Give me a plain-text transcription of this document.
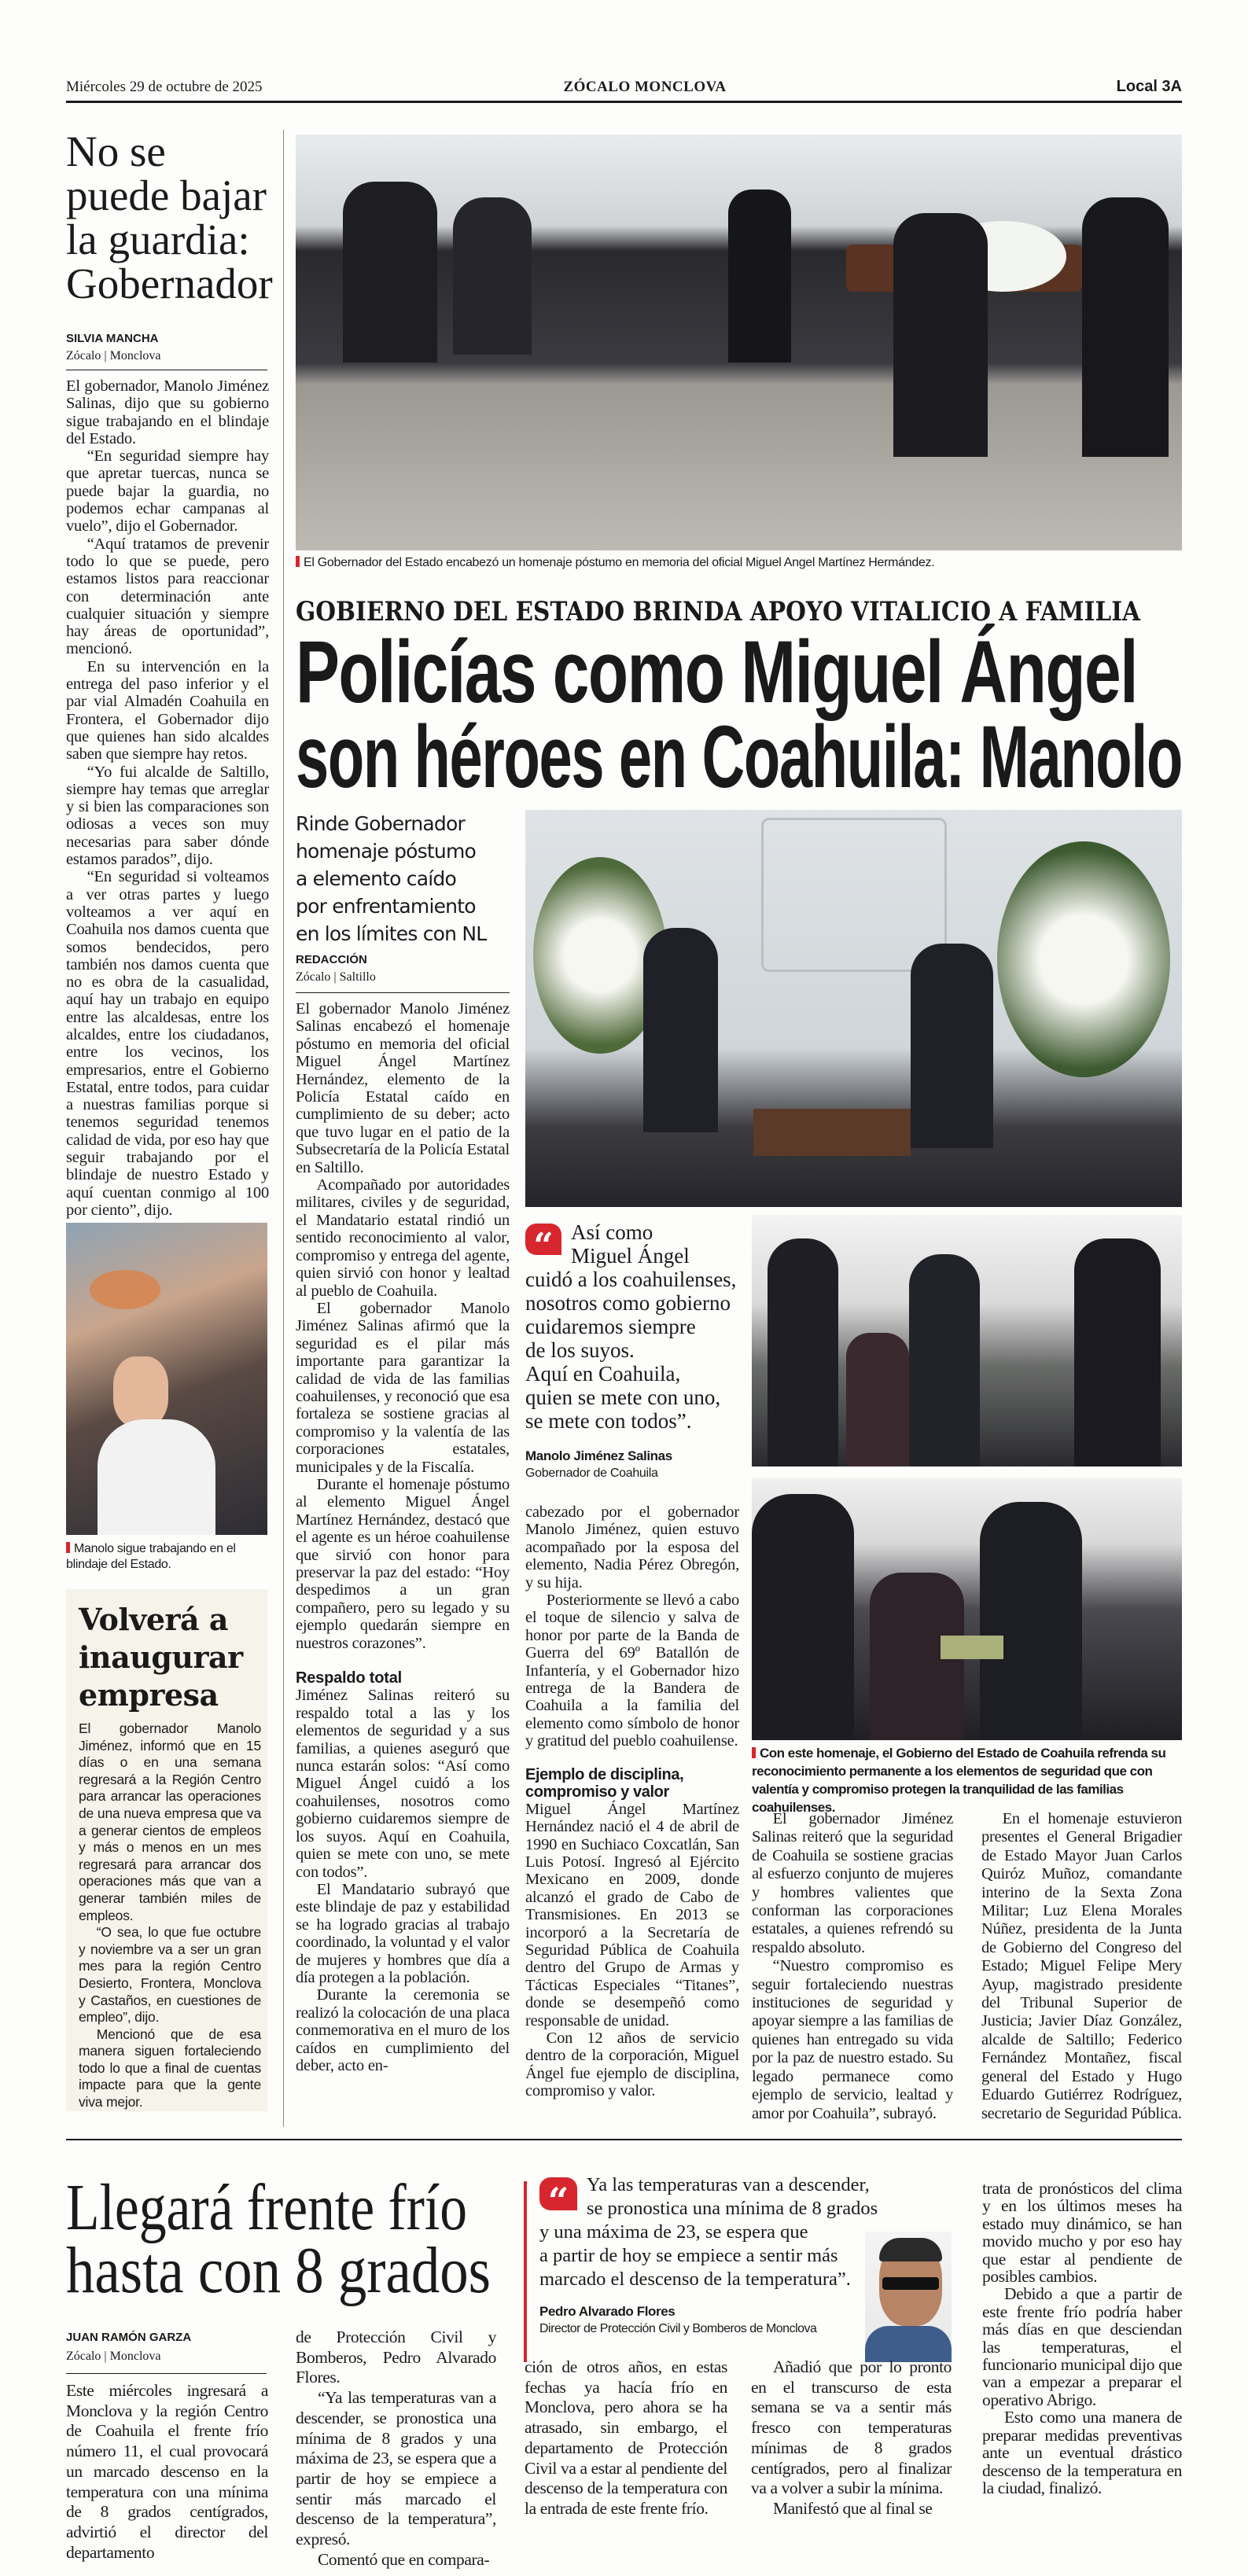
Miércoles 29 de octubre de 2025	ZÓCALO MONCLOVA	Local 3A
No se
puede bajar
la guardia:
Gobernador
SILVIA MANCHA
Zócalo | Monclova

El gobernador, Manolo Jiménez Salinas, dijo que su gobierno sigue trabajando en el blindaje del Estado.

“En seguridad siempre hay que apretar tuercas, nunca se puede bajar la guardia, no podemos echar campanas al vuelo”, dijo el Gobernador.

“Aquí tratamos de prevenir todo lo que se puede, pero estamos listos para reaccionar con determinación ante cualquier situación y siempre hay áreas de oportunidad”, mencionó.

En su intervención en la entrega del paso inferior y el par vial Almadén Coahuila en Frontera, el Gobernador dijo que quienes han sido alcaldes saben que siempre hay retos.

“Yo fui alcalde de Saltillo, siempre hay temas que arreglar y si bien las comparaciones son odiosas a veces son muy necesarias para saber dónde estamos parados”, dijo.

“En seguridad si volteamos a ver otras partes y luego volteamos a ver aquí en Coahuila nos damos cuenta que somos bendecidos, pero también nos damos cuenta que no es obra de la casualidad, aquí hay un trabajo en equipo entre las alcaldesas, entre los alcaldes, entre los ciudadanos, entre los vecinos, los empresarios, entre el Gobierno Estatal, entre todos, para cuidar a nuestras familias porque si tenemos seguridad tenemos calidad de vida, por eso hay que seguir trabajando por el blindaje de nuestro Estado y aquí cuentan conmigo al 100 por ciento”, dijo.

Manolo sigue trabajando en el blindaje del Estado.
Volverá a
inaugurar
empresa

El gobernador Manolo Jiménez, informó que en 15 días o en una semana regresará a la Región Centro para arrancar las operaciones de una nueva empresa que va a generar cientos de empleos y más o menos en un mes regresará para arrancar dos operaciones más que van a generar también miles de empleos.

“O sea, lo que fue octubre y noviembre va a ser un gran mes para la región Centro Desierto, Frontera, Monclova y Castaños, en cuestiones de empleo”, dijo.

Mencionó que de esa manera siguen fortaleciendo todo lo que a final de cuentas impacte para que la gente viva mejor.

El Gobernador del Estado encabezó un homenaje póstumo en memoria del oficial Miguel Angel Martínez Hermández.
GOBIERNO DEL ESTADO BRINDA APOYO VITALICIO A FAMILIA
Policías como Miguel Ángel
son héroes en Coahuila: Manolo
Rinde Gobernador
homenaje póstumo
a elemento caído
por enfrentamiento
en los límites con NL
REDACCIÓN
Zócalo | Saltillo

El gobernador Manolo Jiménez Salinas encabezó el homenaje póstumo en memoria del oficial Miguel Ángel Martínez Hernández, elemento de la Policía Estatal caído en cumplimiento de su deber; acto que tuvo lugar en el patio de la Subsecretaría de la Policía Estatal en Saltillo.

Acompañado por autoridades militares, civiles y de seguridad, el Mandatario estatal rindió un sentido reconocimiento al valor, compromiso y entrega del agente, quien sirvió con honor y lealtad al pueblo de Coahuila.

El gobernador Manolo Jiménez Salinas afirmó que la seguridad es el pilar más importante para garantizar la calidad de vida de las familias coahuilenses, y reconoció que esa fortaleza se sostiene gracias al compromiso y la valentía de las corporaciones estatales, municipales y de la Fiscalía.

Durante el homenaje póstumo al elemento Miguel Ángel Martínez Hernández, destacó que el agente es un héroe coahuilense que sirvió con honor para preservar la paz del estado: “Hoy despedimos a un gran compañero, pero su legado y su ejemplo quedarán siempre en nuestros corazones”.

Respaldo total

Jiménez Salinas reiteró su respaldo total a las y los elementos de seguridad y a sus familias, a quienes aseguró que nunca estarán solos: “Así como Miguel Ángel cuidó a los coahuilenses, nosotros como gobierno cuidaremos siempre de los suyos. Aquí en Coahuila, quien se mete con uno, se mete con todos”.

El Mandatario subrayó que este blindaje de paz y estabilidad se ha logrado gracias al trabajo coordinado, la voluntad y el valor de mujeres y hombres que día a día protegen a la población.

Durante la ceremonia se realizó la colocación de una placa conmemorativa en el muro de los caídos en cumplimiento del deber, acto en-

“ Así como
Miguel Ángel
cuidó a los coahuilenses,
nosotros como gobierno
cuidaremos siempre
de los suyos.
Aquí en Coahuila,
quien se mete con uno,
se mete con todos”.
Manolo Jiménez Salinas
Gobernador de Coahuila

cabezado por el gobernador Manolo Jiménez, quien estuvo acompañado por la esposa del elemento, Nadia Pérez Obregón, y su hija.

Posteriormente se llevó a cabo el toque de silencio y salva de honor por parte de la Banda de Guerra del 69º Batallón de Infantería, y el Gobernador hizo entrega de la Bandera de Coahuila a la familia del elemento como símbolo de honor y gratitud del pueblo coahuilense.

Ejemplo de disciplina, compromiso y valor

Miguel Ángel Martínez Hernández nació el 4 de abril de 1990 en Suchiaco Coxcatlán, San Luis Potosí. Ingresó al Ejército Mexicano en 2009, donde alcanzó el grado de Cabo de Transmisiones. En 2013 se incorporó a la Secretaría de Seguridad Pública de Coahuila dentro del Grupo de Armas y Tácticas Especiales “Titanes”, donde se desempeñó como responsable de unidad.

Con 12 años de servicio dentro de la corporación, Miguel Ángel fue ejemplo de disciplina, compromiso y valor.

Con este homenaje, el Gobierno del Estado de Coahuila refrenda su reconocimiento permanente a los elementos de seguridad que con valentía y compromiso protegen la tranquilidad de las familias coahuilenses.

El gobernador Jiménez Salinas reiteró que la seguridad de Coahuila se sostiene gracias al esfuerzo conjunto de mujeres y hombres valientes que conforman las corporaciones estatales, a quienes refrendó su respaldo absoluto.

“Nuestro compromiso es seguir fortaleciendo nuestras instituciones de seguridad y apoyar siempre a las familias de quienes han entregado su vida por la paz de nuestro estado. Su legado permanece como ejemplo de servicio, lealtad y amor por Coahuila”, subrayó.

En el homenaje estuvieron presentes el General Brigadier de Estado Mayor Juan Carlos Quiróz Muñoz, comandante interino de la Sexta Zona Militar; Luz Elena Morales Núñez, presidenta de la Junta de Gobierno del Congreso del Estado; Miguel Felipe Mery Ayup, magistrado presidente del Tribunal Superior de Justicia; Javier Díaz González, alcalde de Saltillo; Federico Fernández Montañez, fiscal general del Estado y Hugo Eduardo Gutiérrez Rodríguez, secretario de Seguridad Pública.

Llegará frente frío
hasta con 8 grados
JUAN RAMÓN GARZA
Zócalo | Monclova

Este miércoles ingresará a Monclova y la región Centro de Coahuila el frente frío número 11, el cual provocará un marcado descenso en la temperatura con una mínima de 8 grados centígrados, advirtió el director del departamento

de Protección Civil y Bomberos, Pedro Alvarado Flores.

“Ya las temperaturas van a descender, se pronostica una mínima de 8 grados y una máxima de 23, se espera que a partir de hoy se empiece a sentir más marcado el descenso de la temperatura”, expresó.

Comentó que en compara-

“ Ya las temperaturas van a descender,
se pronostica una mínima de 8 grados
y una máxima de 23, se espera que
a partir de hoy se empiece a sentir más
marcado el descenso de la temperatura”.
Pedro Alvarado Flores
Director de Protección Civil y Bomberos de Monclova

ción de otros años, en estas fechas ya hacía frío en Monclova, pero ahora se ha atrasado, sin embargo, el departamento de Protección Civil va a estar al pendiente del descenso de la temperatura con la entrada de este frente frío.

Añadió que por lo pronto en el transcurso de esta semana se va a sentir más fresco con temperaturas mínimas de 8 grados centígrados, pero al finalizar va a volver a subir la mínima.

Manifestó que al final se

trata de pronósticos del clima y en los últimos meses ha estado muy dinámico, se han movido mucho y por eso hay que estar al pendiente de posibles cambios.

Debido a que a partir de este frente frío podría haber más días en que desciendan las temperaturas, el funcionario municipal dijo que van a empezar a preparar el operativo Abrigo.

Esto como una manera de preparar medidas preventivas ante un eventual drástico descenso de la temperatura en la ciudad, finalizó.
